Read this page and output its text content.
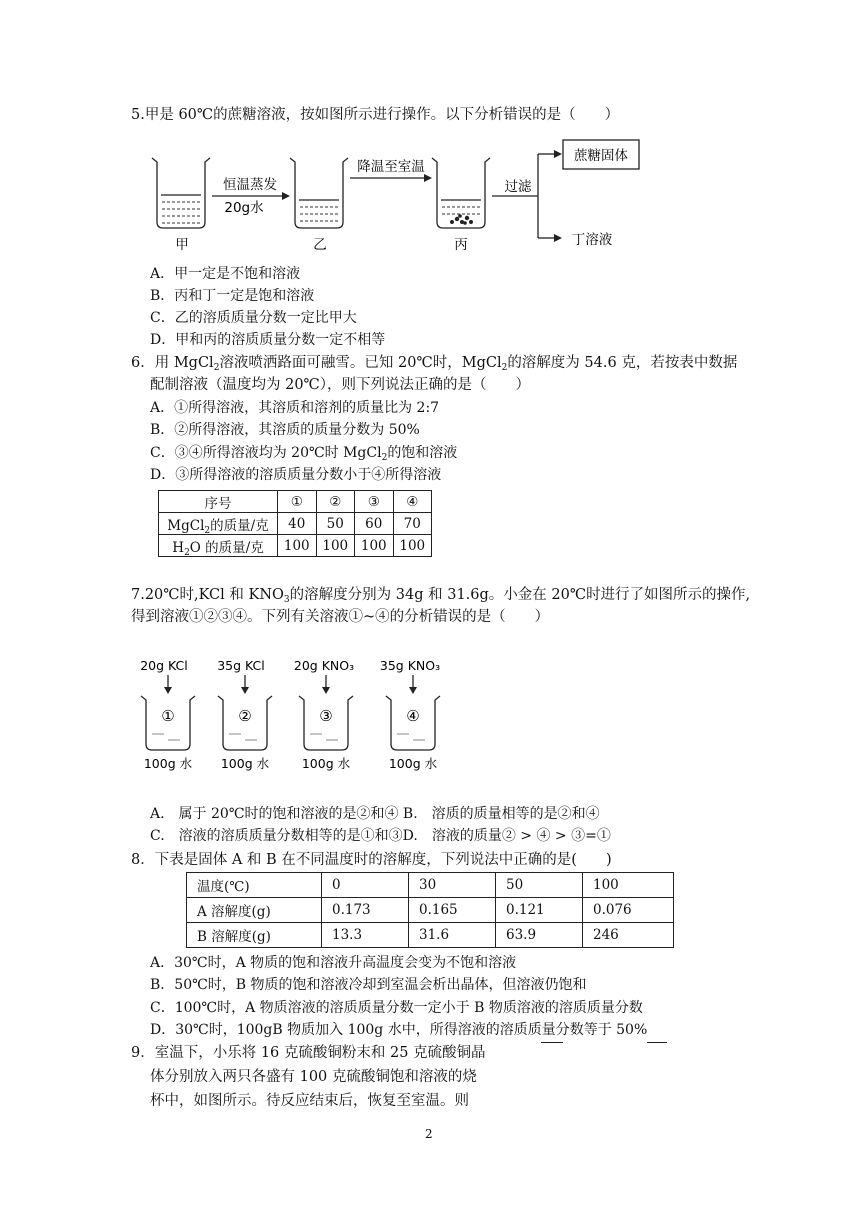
5.甲是 60℃的蔗糖溶液，按如图所示进行操作。以下分析错误的是（　　）
恒温蒸发
20g水
降温至室温
过滤
蔗糖固体
丁溶液
甲	乙	丙
A．甲一定是不饱和溶液
B．丙和丁一定是饱和溶液
C．乙的溶质质量分数一定比甲大
D．甲和丙的溶质质量分数一定不相等
6．用 MgCl$_2$溶液喷洒路面可融雪。已知 20℃时，MgCl$_2$的溶解度为 54.6 克，若按表中数据
配制溶液（温度均为 20℃），则下列说法正确的是（　　）
A．①所得溶液，其溶质和溶剂的质量比为 2:7
B．②所得溶液，其溶质的质量分数为 50%
C．③④所得溶液均为 20℃时 MgCl$_2$的饱和溶液
D．③所得溶液的溶质质量分数小于④所得溶液
序号	①	②	③	④
MgCl$_2$的质量/克	40	50	60	70
$H_2O$ 的质量/克	100	100	100	100
7.20℃时,KCl 和 $KNO_3$的溶解度分别为 34g 和 31.6g。小金在 20℃时进行了如图所示的操作,
得到溶液①②③④。下列有关溶液①~④的分析错误的是（　　）
20g KCl 35g KCl 20g KNO₃ 35g KNO₃
①	②	③	④
100g 水 100g 水	100g 水	100g 水
A.　属于 20℃时的饱和溶液的是②和④ B.　溶质的质量相等的是②和④
C.　溶液的溶质质量分数相等的是①和③D.　溶液的质量② > ④ > ③=①
8．下表是固体 A 和 B 在不同温度时的溶解度，下列说法中正确的是(　　)
温度(℃)	0	30	50	100
A 溶解度(g)	0.173	0.165	0.121	0.076
B 溶解度(g)	13.3	31.6	63.9	246
A．30℃时，A 物质的饱和溶液升高温度会变为不饱和溶液
B．50℃时，B 物质的饱和溶液冷却到室温会析出晶体，但溶液仍饱和
C．100℃时，A 物质溶液的溶质质量分数一定小于 B 物质溶液的溶质质量分数
D．30℃时，100gB 物质加入 100g 水中，所得溶液的溶质质量分数等于 50%
9．室温下，小乐将 16 克硫酸铜粉末和 25 克硫酸铜晶
体分别放入两只各盛有 100 克硫酸铜饱和溶液的烧
杯中，如图所示。待反应结束后，恢复至室温。则
2
